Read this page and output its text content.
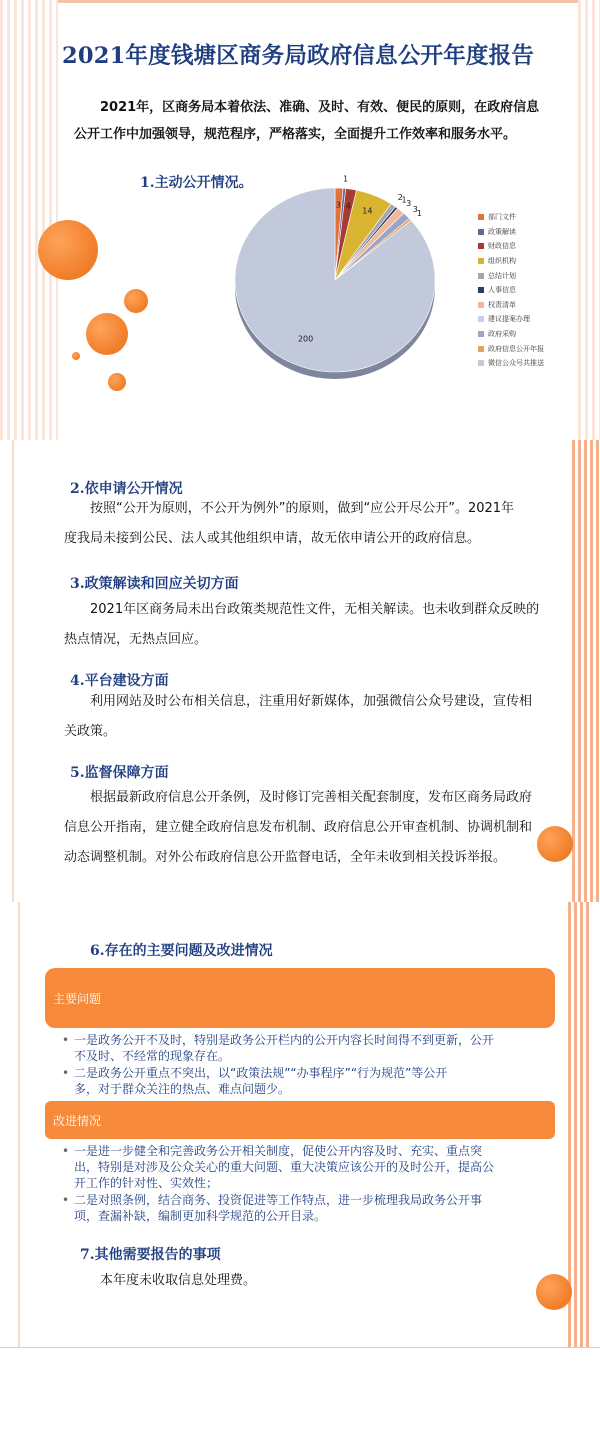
2021年度钱塘区商务局政府信息公开年度报告
2021年，区商务局本着依法、准确、及时、有效、便民的原则，在政府信息
公开工作中加强领导，规范程序，严格落实，全面提升工作效率和服务水平。
1.主动公开情况。
3
1
4
14
2
1 3
3 1
200
部门文件
政策解读
财政信息
组织机构
总结计划
人事信息
权责清单
建议提案办理
政府采购
政府信息公开年报
微信公众号共推送
2.依申请公开情况
按照“公开为原则，不公开为例外”的原则，做到“应公开尽公开”。2021年
度我局未接到公民、法人或其他组织申请，故无依申请公开的政府信息。
3.政策解读和回应关切方面
2021年区商务局未出台政策类规范性文件，无相关解读。也未收到群众反映的
热点情况，无热点回应。
4.平台建设方面
利用网站及时公布相关信息，注重用好新媒体，加强微信公众号建设，宣传相
关政策。
5.监督保障方面
根据最新政府信息公开条例，及时修订完善相关配套制度，发布区商务局政府
信息公开指南，建立健全政府信息发布机制、政府信息公开审查机制、协调机制和
动态调整机制。对外公布政府信息公开监督电话，全年未收到相关投诉举报。
6.存在的主要问题及改进情况
主要问题
• 一是政务公开不及时，特别是政务公开栏内的公开内容长时间得不到更新，公开
不及时、不经常的现象存在。
• 二是政务公开重点不突出，以“政策法规”“办事程序”“行为规范”等公开
多，对于群众关注的热点、难点问题少。
改进情况
• 一是进一步健全和完善政务公开相关制度，促使公开内容及时、充实、重点突
出，特别是对涉及公众关心的重大问题、重大决策应该公开的及时公开，提高公
开工作的针对性、实效性；
• 二是对照条例，结合商务、投资促进等工作特点，进一步梳理我局政务公开事
项，查漏补缺，编制更加科学规范的公开目录。
7.其他需要报告的事项
本年度未收取信息处理费。
